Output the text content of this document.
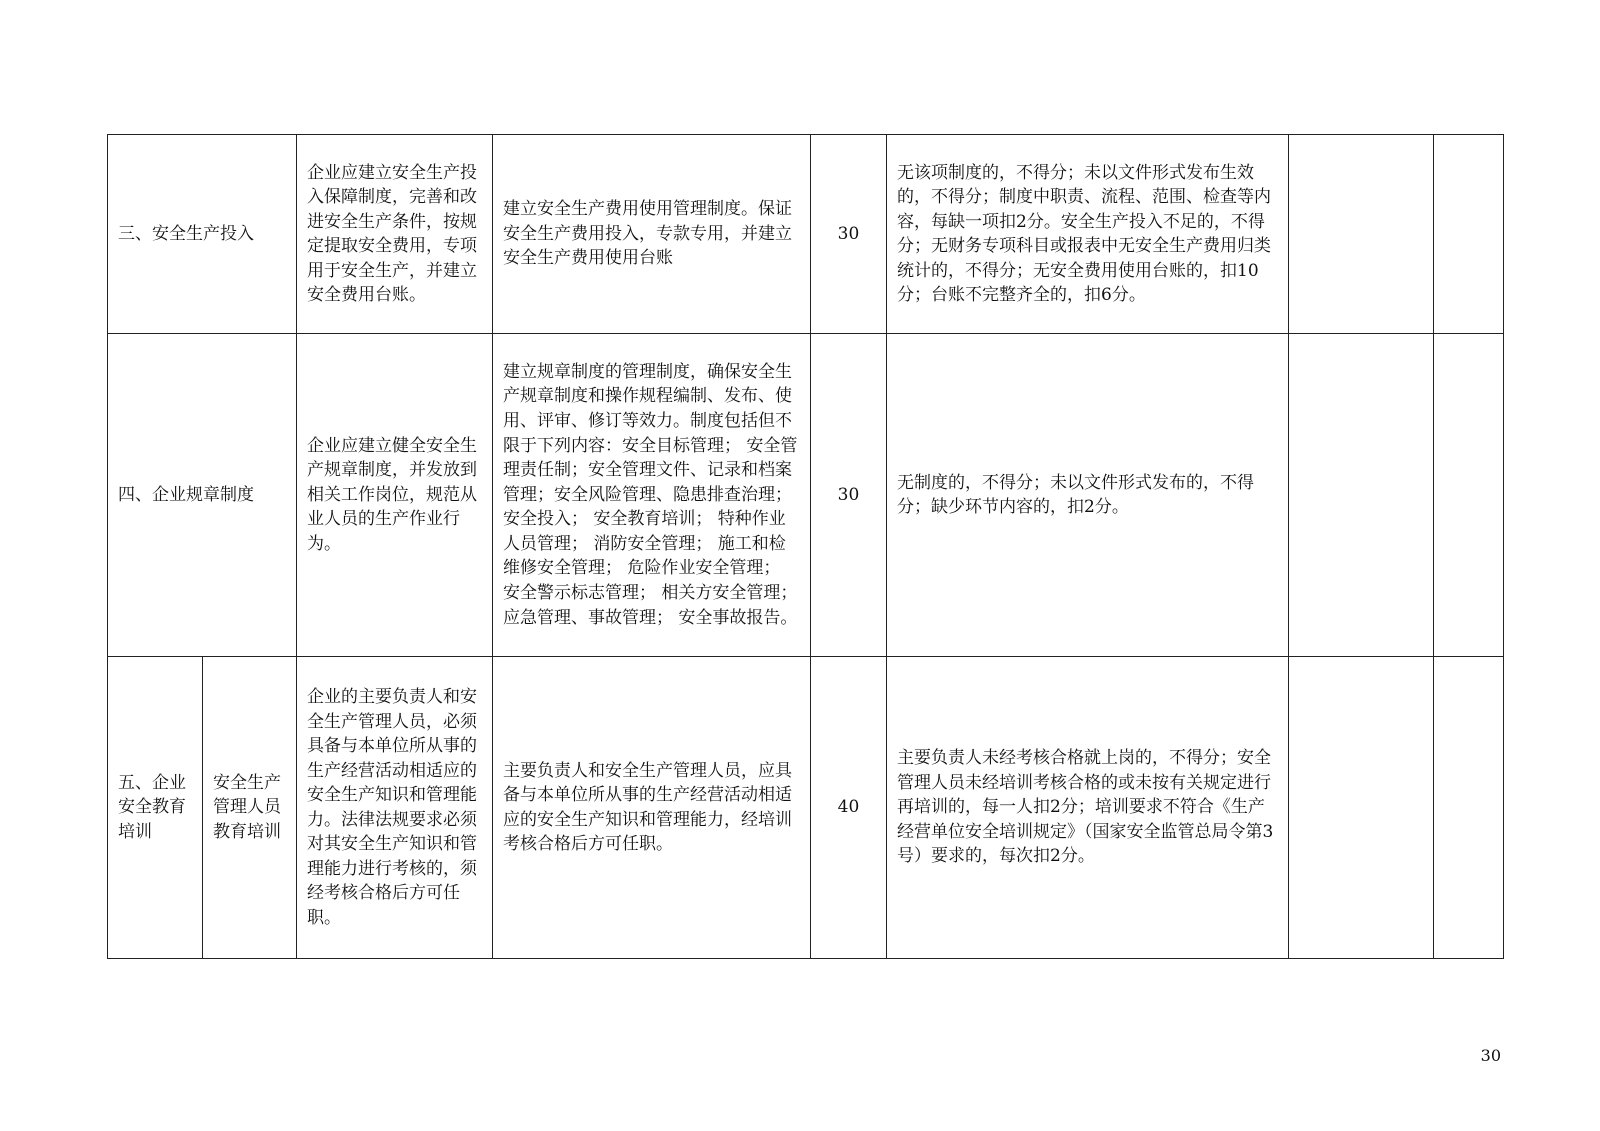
三、安全生产投入		企业应建立安全生产投入保障制度，完善和改进安全生产条件，按规定提取安全费用，专项用于安全生产，并建立安全费用台账。	建立安全生产费用使用管理制度。保证安全生产费用投入，专款专用，并建立安全生产费用使用台账	30	无该项制度的，不得分；未以文件形式发布生效的，不得分；制度中职责、流程、范围、检查等内容，每缺一项扣2分。安全生产投入不足的，不得分；无财务专项科目或报表中无安全生产费用归类统计的，不得分；无安全费用使用台账的，扣10分；台账不完整齐全的，扣6分。		
四、企业规章制度		企业应建立健全安全生产规章制度，并发放到相关工作岗位，规范从业人员的生产作业行为。	建立规章制度的管理制度，确保安全生产规章制度和操作规程编制、发布、使用、评审、修订等效力。制度包括但不限于下列内容：安全目标管理； 安全管理责任制；安全管理文件、记录和档案管理；安全风险管理、隐患排查治理； 安全投入； 安全教育培训； 特种作业人员管理； 消防安全管理； 施工和检维修安全管理； 危险作业安全管理； 安全警示标志管理； 相关方安全管理； 应急管理、事故管理； 安全事故报告。	30	无制度的，不得分；未以文件形式发布的，不得分；缺少环节内容的，扣2分。		
五、企业安全教育培训	安全生产管理人员教育培训	企业的主要负责人和安全生产管理人员，必须具备与本单位所从事的生产经营活动相适应的安全生产知识和管理能力。法律法规要求必须对其安全生产知识和管理能力进行考核的，须经考核合格后方可任职。	主要负责人和安全生产管理人员，应具备与本单位所从事的生产经营活动相适应的安全生产知识和管理能力，经培训考核合格后方可任职。	40	主要负责人未经考核合格就上岗的，不得分；安全管理人员未经培训考核合格的或未按有关规定进行再培训的，每一人扣2分；培训要求不符合《生产经营单位安全培训规定》（国家安全监管总局令第3号）要求的，每次扣2分。		
30
